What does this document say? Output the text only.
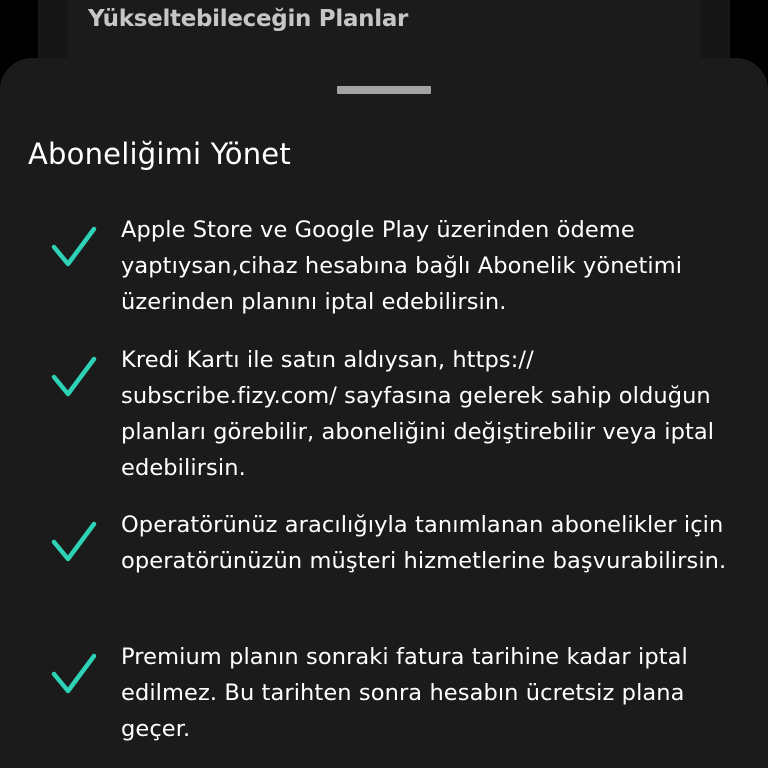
Yükseltebileceğin Planlar
Aboneliğimi Yönet
Apple Store ve Google Play üzerinden ödeme yaptıysan,cihaz hesabına bağlı Abonelik yönetimi üzerinden planını iptal edebilirsin.
Kredi Kartı ile satın aldıysan, https:// subscribe.fizy.com/ sayfasına gelerek sahip olduğun planları görebilir, aboneliğini değiştirebilir veya iptal edebilirsin.
Operatörünüz aracılığıyla tanımlanan abonelikler için operatörünüzün müşteri hizmetlerine başvurabilirsin.
Premium planın sonraki fatura tarihine kadar iptal edilmez. Bu tarihten sonra hesabın ücretsiz plana geçer.
